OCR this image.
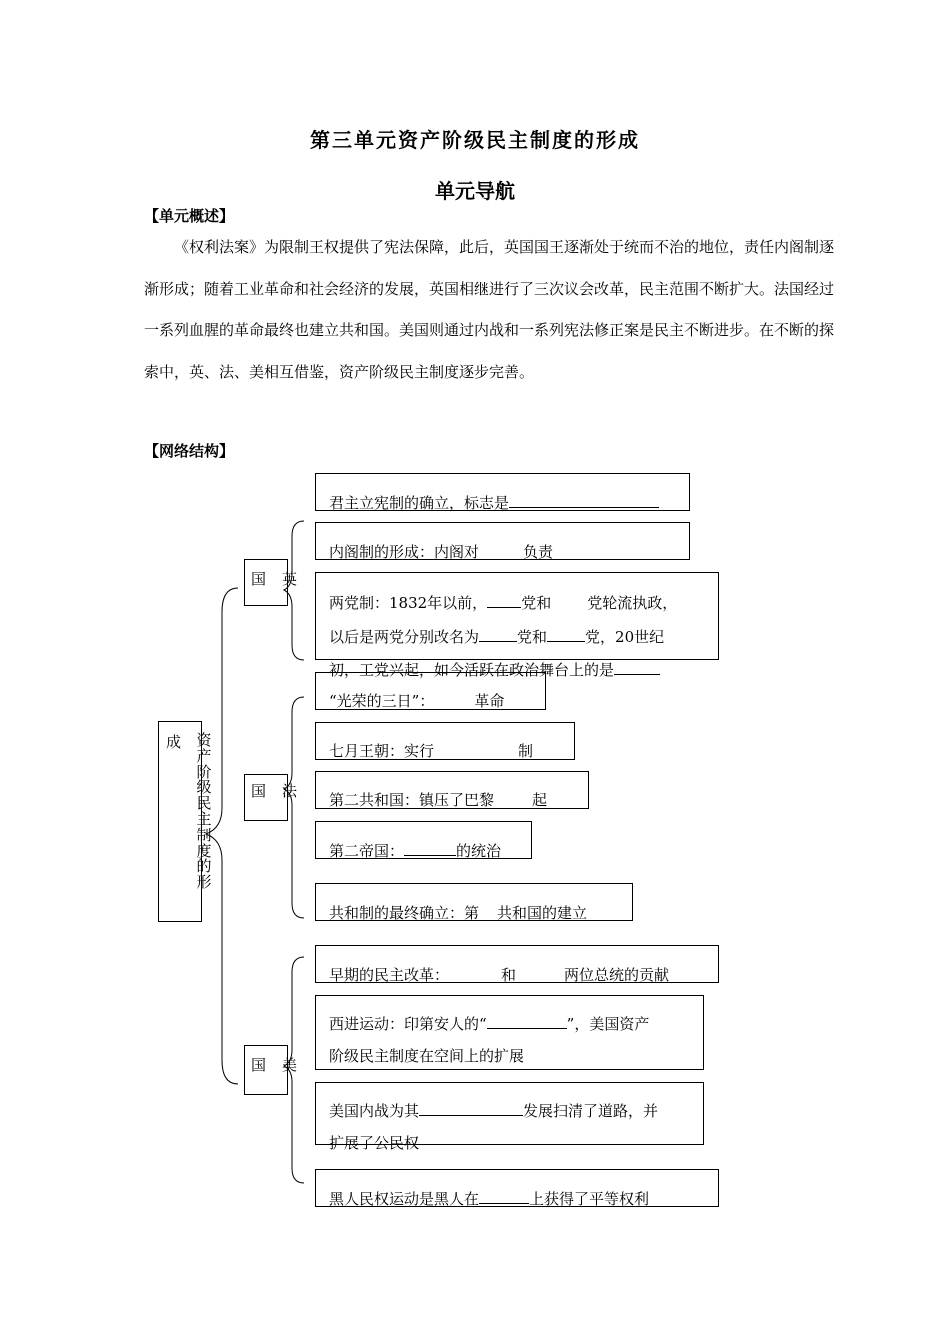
第三单元资产阶级民主制度的形成
单元导航
【单元概述】
《权利法案》为限制王权提供了宪法保障，此后，英国国王逐渐处于统而不治的地位，责任内阁制逐渐形成；随着工业革命和社会经济的发展，英国相继进行了三次议会改革，民主范围不断扩大。法国经过一系列血腥的革命最终也建立共和国。美国则通过内战和一系列宪法修正案是民主不断进步。在不断的探索中，英、法、美相互借鉴，资产阶级民主制度逐步完善。
【网络结构】
成 资产阶级民主制度的形
国 英
国 法
国 美
君主立宪制的确立，标志是
内阁制的形成：内阁对	负责
两党制：1832年以前， 党和 党轮流执政，
以后是两党分别改名为	党和	党，20世纪
初，工党兴起，如今活跃在政治舞台上的是
“光荣的三日”：	革命
七月王朝：实行	制
第二共和国：镇压了巴黎	起
第二帝国：	的统治
共和制的最终确立：第 共和国的建立
早期的民主改革：	和	两位总统的贡献
西进运动：印第安人的“	”，美国资产
阶级民主制度在空间上的扩展
美国内战为其	发展扫清了道路，并
扩展了公民权
黑人民权运动是黑人在	上获得了平等权利
